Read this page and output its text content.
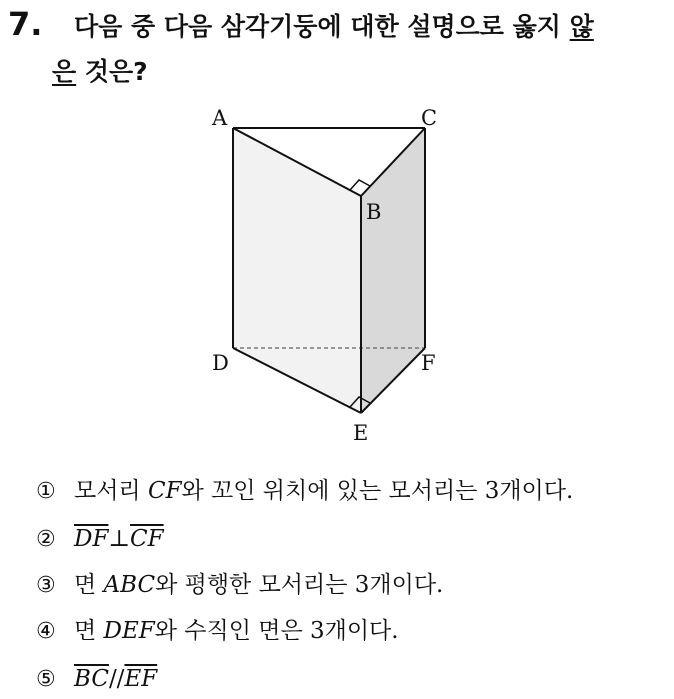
7. 다음 중 다음 삼각기둥에 대한 설명으로 옳지 않
은 것은?
A	C
B
D	F
E
① 모서리 CF와 꼬인 위치에 있는 모서리는 3개이다.
② $\overline{DF}\perp\overline{CF}$
③ 면 ABC와 평행한 모서리는 3개이다.
④ 면 DEF와 수직인 면은 3개이다.
⑤ $\overline{BC}//\overline{EF}$
